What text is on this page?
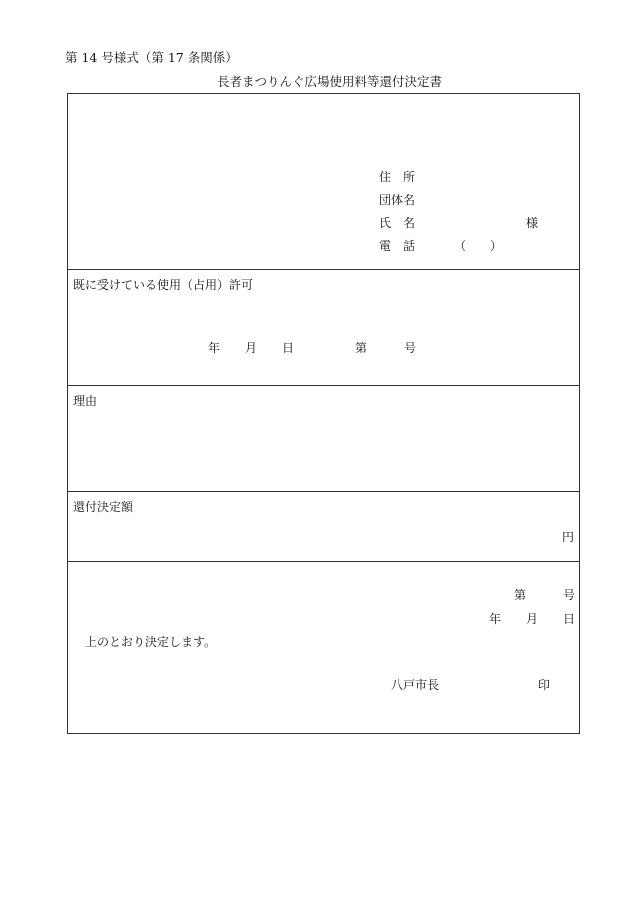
第 14 号様式（第 17 条関係）
長者まつりんぐ広場使用料等還付決定書
住　所
団体名
氏　名	様
電　話	（　　）
既に受けている使用（占用）許可
年 月 日	第	号
理由
還付決定額
円
第	号
年 月 日
上のとおり決定します。
八戸市長	印
